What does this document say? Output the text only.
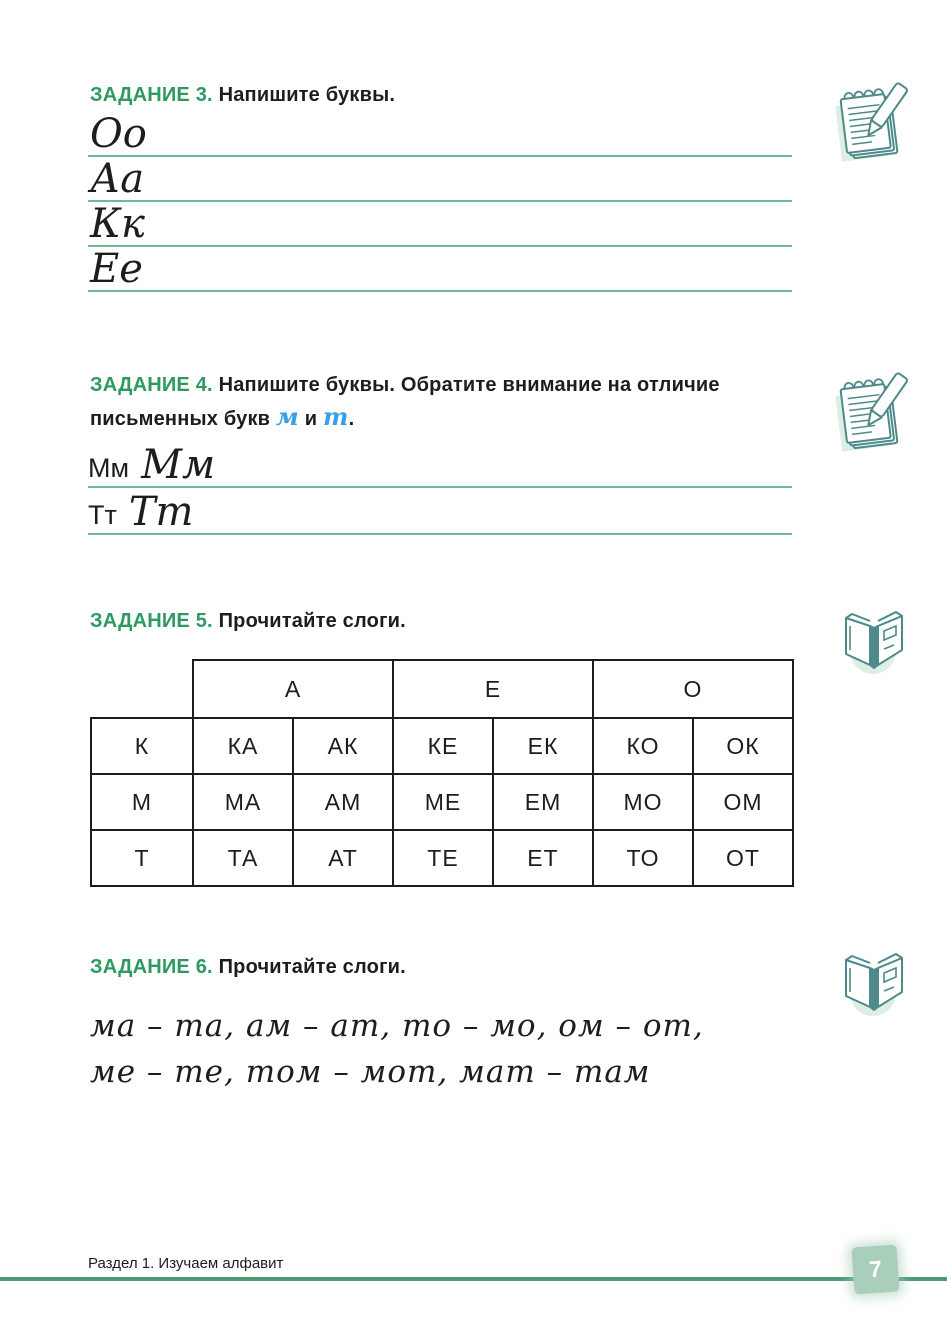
ЗАДАНИЕ 3. Напишите буквы.
Оо
Аа
Кк
Ее
ЗАДАНИЕ 4. Напишите буквы. Обратите внимание на отличие письменных букв м и т.
Мм Мм
Тт Тт
ЗАДАНИЕ 5. Прочитайте слоги.
	А		Е		О	
К	КА	АК	КЕ	ЕК	КО	ОК
М	МА	АМ	МЕ	ЕМ	МО	ОМ
Т	ТА	АТ	ТЕ	ЕТ	ТО	ОТ
ЗАДАНИЕ 6. Прочитайте слоги.
ма – та, ам – ат, то – мо, ом – от,
ме – те, том – мот, мат – там
Раздел 1. Изучаем алфавит	7
